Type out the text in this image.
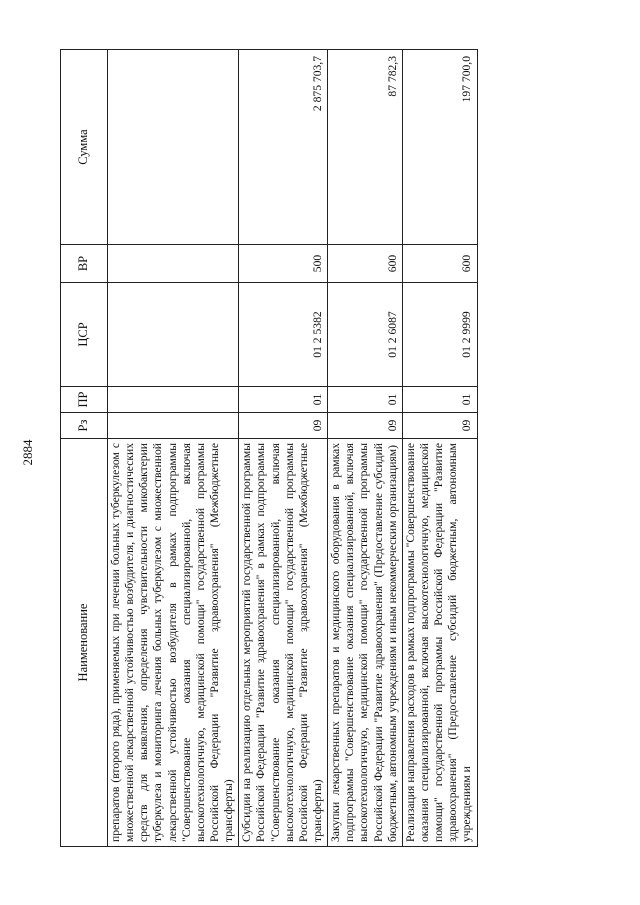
2884
Наименование	Рз	ПР	ЦСР	ВР	Сумма
препаратов (второго ряда), применяемых при лечении больных туберкулезом с множественной лекарственной устойчивостью возбудителя, и диагностических средств для выявления, определения чувствительности микобактерии туберкулеза и мониторинга лечения больных туберкулезом с множественной лекарственной устойчивостью возбудителя в рамках подпрограммы "Совершенствование оказания специализированной, включая высокотехнологичную, медицинской помощи" государственной программы Российской Федерации "Развитие здравоохранения" (Межбюджетные трансферты)					
Субсидии на реализацию отдельных мероприятий государственной программы Российской Федерации "Развитие здравоохранения" в рамках подпрограммы "Совершенствование оказания специализированной, включая высокотехнологичную, медицинской помощи" государственной программы Российской Федерации "Развитие здравоохранения" (Межбюджетные трансферты)	09	01	01 2 5382	500	2 875 703,7
Закупки лекарственных препаратов и медицинского оборудования в рамках подпрограммы "Совершенствование оказания специализированной, включая высокотехнологичную, медицинской помощи" государственной программы Российской Федерации "Развитие здравоохранения" (Предоставление субсидий бюджетным, автономным учреждениям и иным некоммерческим организациям)	09	01	01 2 6087	600	87 782,3
Реализация направления расходов в рамках подпрограммы "Совершенствование оказания специализированной, включая высокотехнологичную, медицинской помощи" государственной программы Российской Федерации "Развитие здравоохранения" (Предоставление субсидий бюджетным, автономным учреждениям и	09	01	01 2 9999	600	197 700,0
